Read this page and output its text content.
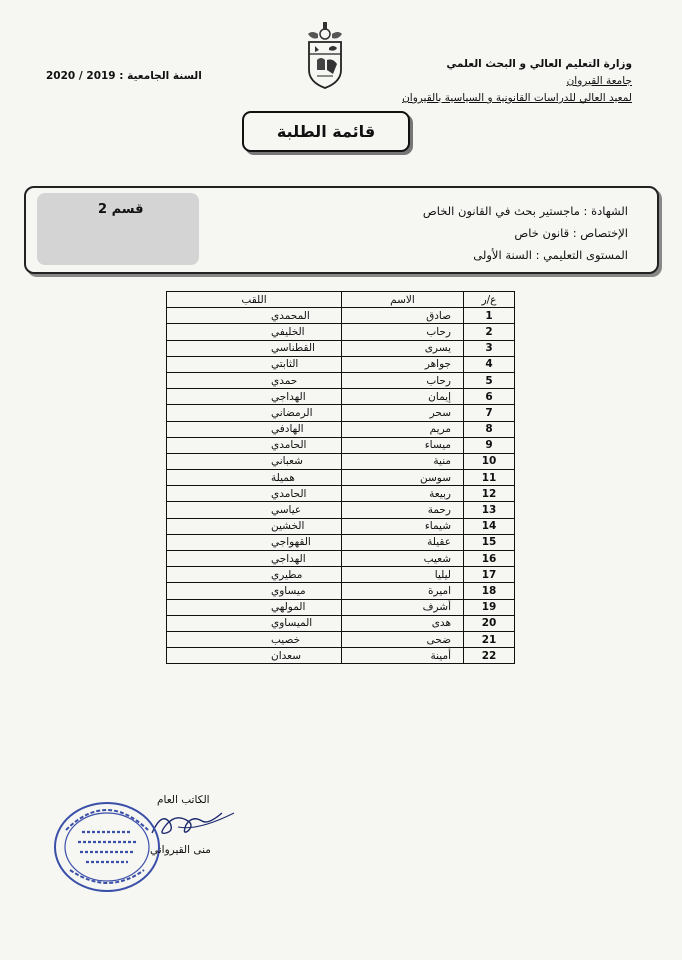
وزارة التعليم العالي و البحث العلمي
جامعة القيروان
لمعيد العالي للدراسات القانونية و السياسية بالقيروان
السنة الجامعية : 2019 / 2020
قائمة الطلبة
قسم 2	الشهادة : ماجستير بحث في القانون الخاص
الإختصاص : قانون خاص
المستوى التعليمي : السنة الأولى
ع/ر	الاسم	اللقب
1	صادق	المحمدي
2	رحاب	الخليفي
3	يسرى	القطناسي
4	جواهر	الثابتي
5	رحاب	حمدي
6	إيمان	الهداجي
7	سحر	الرمضاني
8	مريم	الهادفي
9	ميساء	الحامدي
10	منية	شعباني
11	سوسن	هميلة
12	ربيعة	الحامدي
13	رحمة	عياسي
14	شيماء	الخشين
15	عقيلة	القهواجي
16	شعيب	الهداجي
17	ليليا	مطيري
18	اميرة	ميساوي
19	أشرف	المولهي
20	هدى	الميساوي
21	ضحى	خصيب
22	أمينة	سعدان
الكاتب العام
منى القيرواني
